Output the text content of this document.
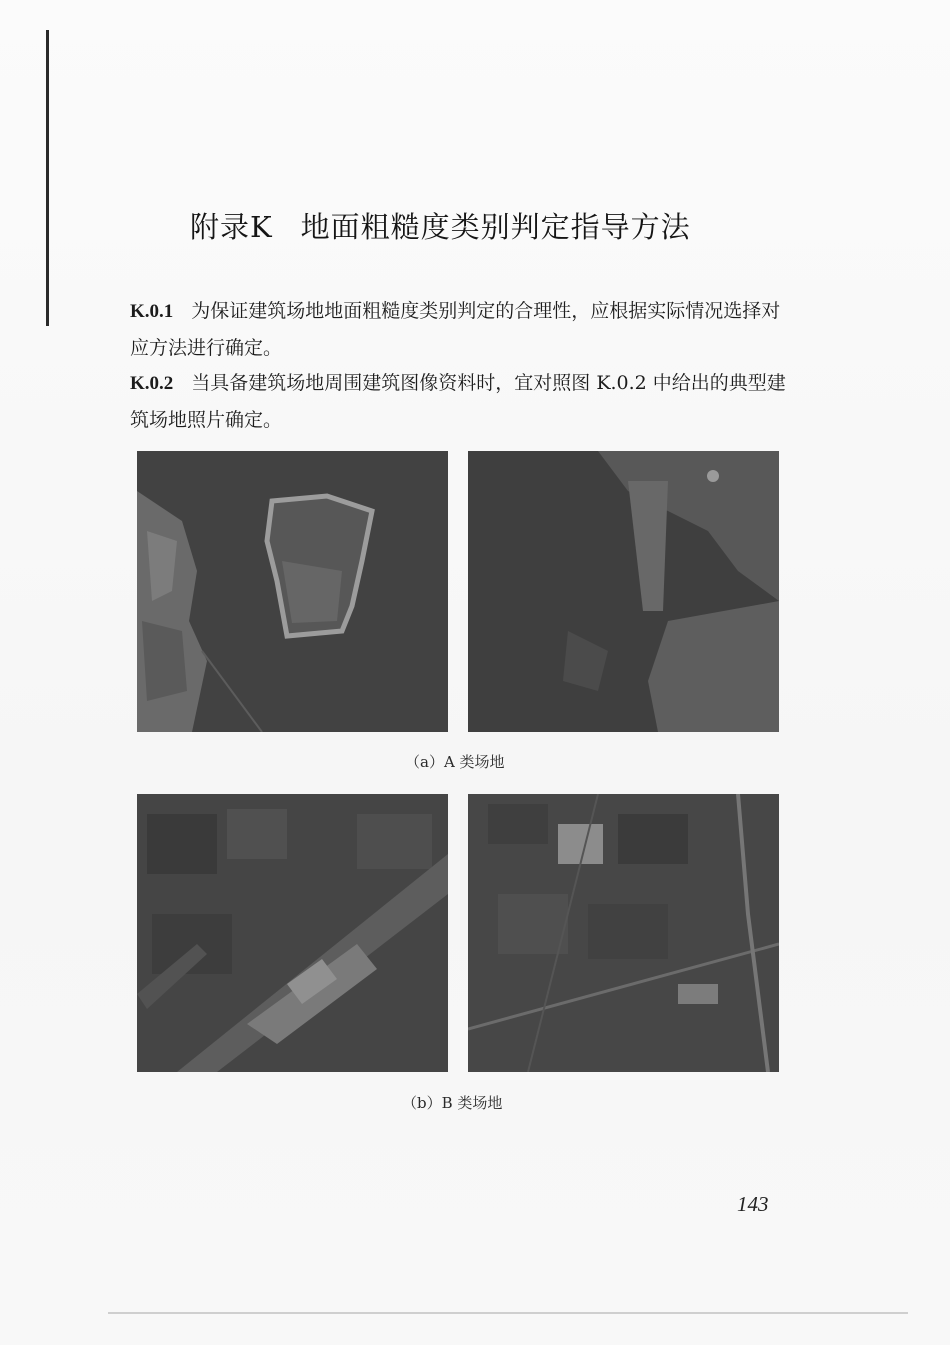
附录K 地面粗糙度类别判定指导方法
K.0.1 为保证建筑场地地面粗糙度类别判定的合理性，应根据实际情况选择对应方法进行确定。
K.0.2 当具备建筑场地周围建筑图像资料时，宜对照图 K.0.2 中给出的典型建筑场地照片确定。
（a）A 类场地
（b）B 类场地
143
